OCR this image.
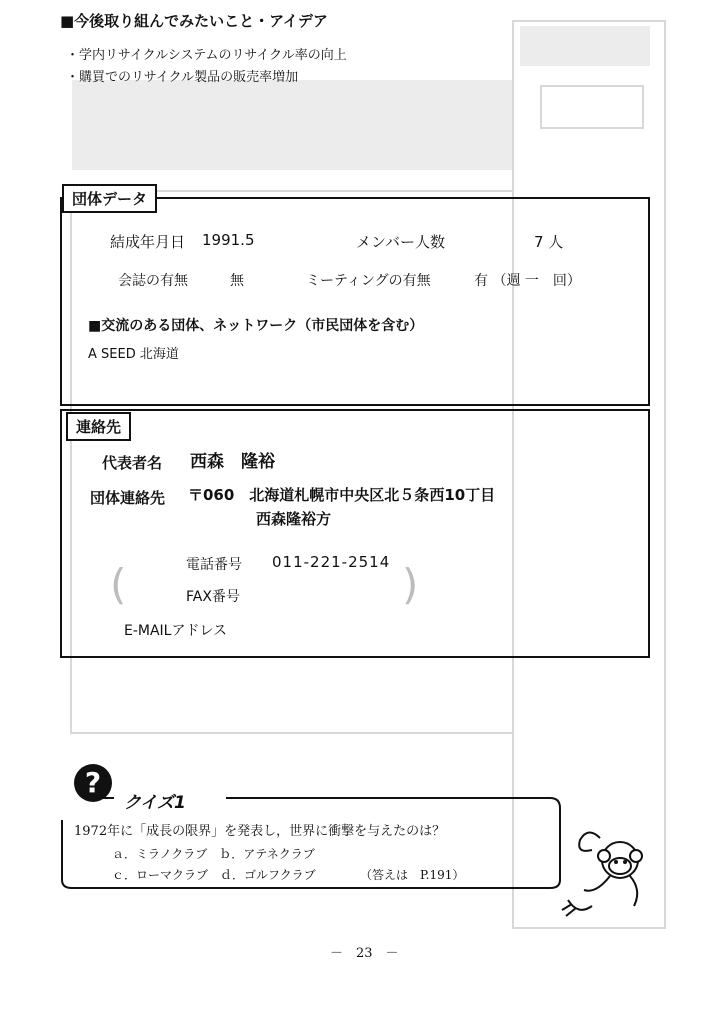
■今後取り組んでみたいこと・アイデア
・学内リサイクルシステムのリサイクル率の向上
・購買でのリサイクル製品の販売率増加
団体データ
結成年月日 1991.5	メンバー人数	7 人
会誌の有無	無	ミーティングの有無	有 （週 一　回）
■交流のある団体、ネットワーク（市民団体を含む）
A SEED 北海道
連絡先
代表者名 西森　隆裕
団体連絡先 〒060　北海道札幌市中央区北５条西10丁目
西森隆裕方
(	)
電話番号 011-221-2514
FAX番号
E-MAILアドレス
?
クイズ1
1972年に「成長の限界」を発表し，世界に衝撃を与えたのは？
ａ．ミラノクラブ　ｂ．アテネクラブ
ｃ．ローマクラブ　ｄ．ゴルフクラブ	（答えは　P.191）
－　23　－
